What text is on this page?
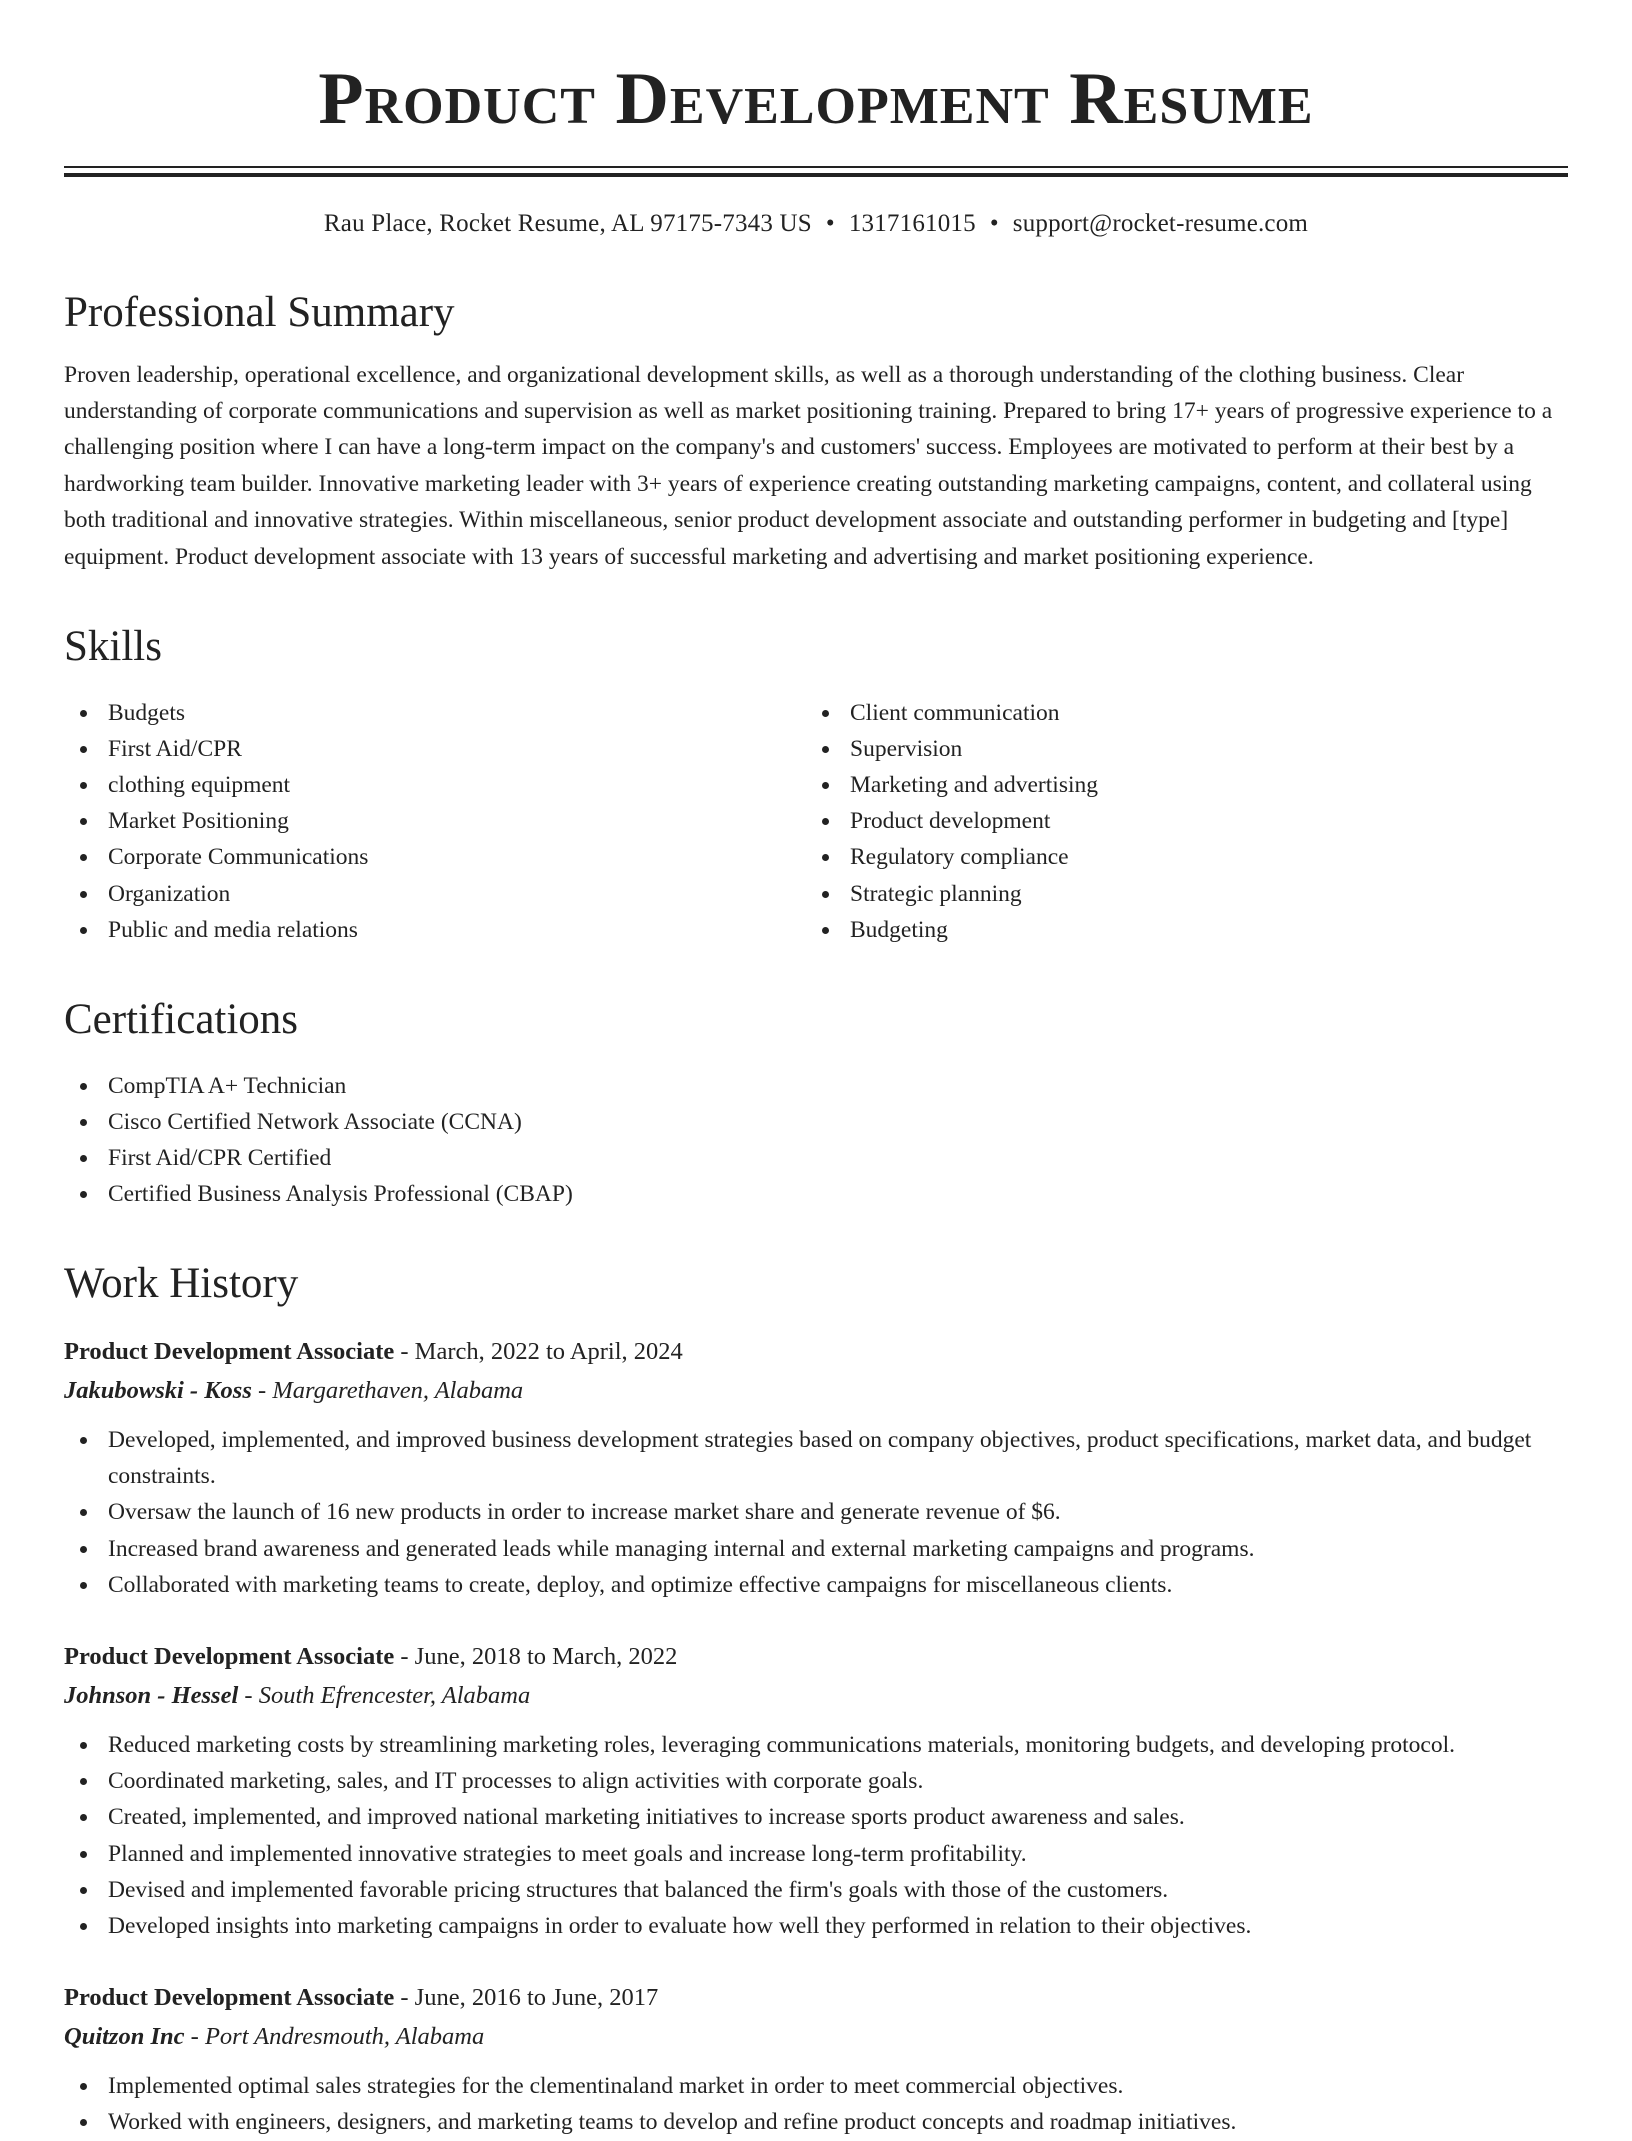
Product Development Resume
Rau Place, Rocket Resume, AL 97175-7343 US • 1317161015 • support@rocket-resume.com
Professional Summary

Proven leadership, operational excellence, and organizational development skills, as well as a thorough understanding of the clothing business. Clear understanding of corporate communications and supervision as well as market positioning training. Prepared to bring 17+ years of progressive experience to a challenging position where I can have a long-term impact on the company's and customers' success. Employees are motivated to perform at their best by a hardworking team builder. Innovative marketing leader with 3+ years of experience creating outstanding marketing campaigns, content, and collateral using both traditional and innovative strategies. Within miscellaneous, senior product development associate and outstanding performer in budgeting and [type] equipment. Product development associate with 13 years of successful marketing and advertising and market positioning experience.

Skills
Budgets
First Aid/CPR
clothing equipment
Market Positioning
Corporate Communications
Organization
Public and media relations
Client communication
Supervision
Marketing and advertising
Product development
Regulatory compliance
Strategic planning
Budgeting
Certifications
CompTIA A+ Technician
Cisco Certified Network Associate (CCNA)
First Aid/CPR Certified
Certified Business Analysis Professional (CBAP)
Work History
Product Development Associate - March, 2022 to April, 2024
Jakubowski - Koss - Margarethaven, Alabama
Developed, implemented, and improved business development strategies based on company objectives, product specifications, market data, and budget constraints.
Oversaw the launch of 16 new products in order to increase market share and generate revenue of $6.
Increased brand awareness and generated leads while managing internal and external marketing campaigns and programs.
Collaborated with marketing teams to create, deploy, and optimize effective campaigns for miscellaneous clients.
Product Development Associate - June, 2018 to March, 2022
Johnson - Hessel - South Efrencester, Alabama
Reduced marketing costs by streamlining marketing roles, leveraging communications materials, monitoring budgets, and developing protocol.
Coordinated marketing, sales, and IT processes to align activities with corporate goals.
Created, implemented, and improved national marketing initiatives to increase sports product awareness and sales.
Planned and implemented innovative strategies to meet goals and increase long-term profitability.
Devised and implemented favorable pricing structures that balanced the firm's goals with those of the customers.
Developed insights into marketing campaigns in order to evaluate how well they performed in relation to their objectives.
Product Development Associate - June, 2016 to June, 2017
Quitzon Inc - Port Andresmouth, Alabama
Implemented optimal sales strategies for the clementinaland market in order to meet commercial objectives.
Worked with engineers, designers, and marketing teams to develop and refine product concepts and roadmap initiatives.
